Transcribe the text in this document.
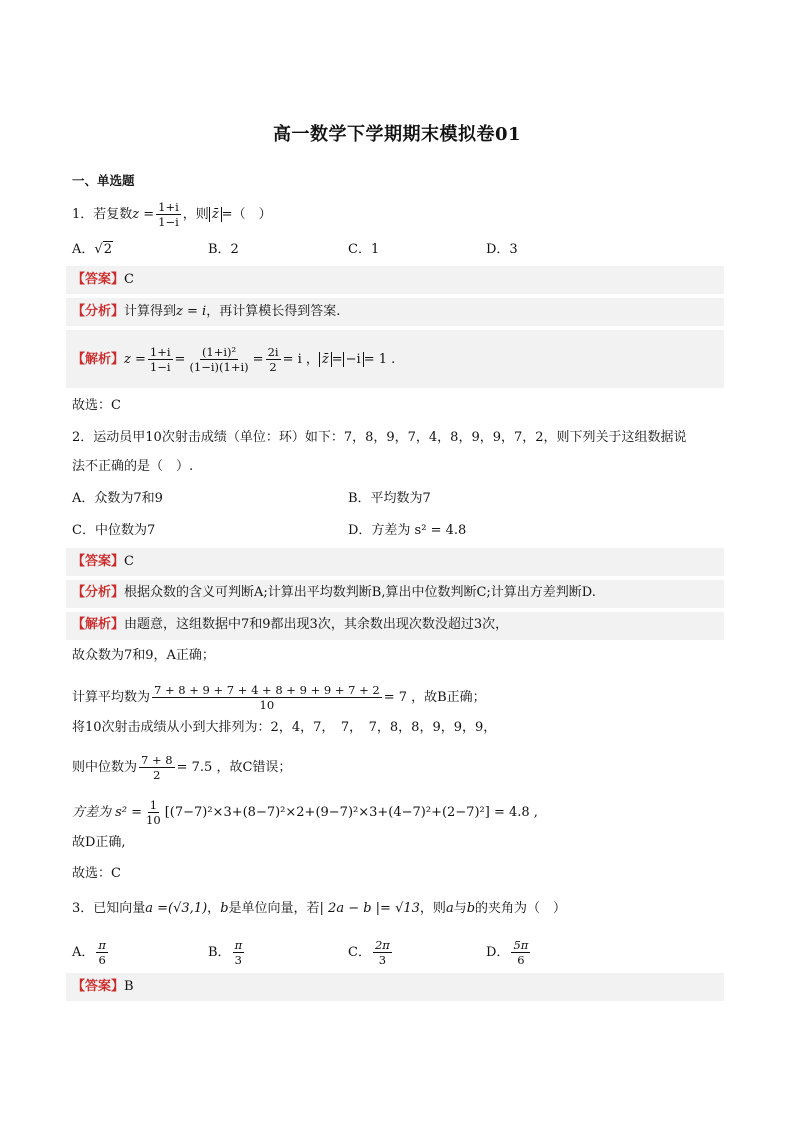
高一数学下学期期末模拟卷01
一、单选题
1．若复数$z = \frac{1+i}{1-i}$ ，则 z̄ =（　）
A．√2	B．2	C．1	D．3
【答案】C
【分析】计算得到z = i，再计算模长得到答案.
【解析】$z = \frac{1+i}{1-i} = \frac{\text{(1+i)²}}{(1-i)(1+i)} = \frac{2i}{2} = i$ ， z̄ = −i = 1 .
故选：C
2．运动员甲10次射击成绩（单位：环）如下：7，8，9，7，4，8，9，9，7，2，则下列关于这组数据说
法不正确的是（　）.
A．众数为7和9	B．平均数为7
C．中位数为7	D．方差为 s² = 4.8
【答案】C
【分析】根据众数的含义可判断A;计算出平均数判断B,算出中位数判断C;计算出方差判断D.
【解析】由题意，这组数据中7和9都出现3次，其余数出现次数没超过3次，
故众数为7和9，A正确；
计算平均数为 $\frac{7 + 8 + 9 + 7 + 4 + 8 + 9 + 9 + 7 + 2}{10} = 7$ ，故B正确；
将10次射击成绩从小到大排列为：2，4，7，　7，　7，8，8，9，9，9，
则中位数为 $\frac{7 + 8}{2} = 7.5$ ，故C错误；
方差为 $s^2 = \frac{1}{10} [(7-7)^2\times 3+(8-7)^2\times 2+(9-7)^2\times 3+(4-7)^2+(2-7)^2] = 4.8$ ,
故D正确,
故选：C
3．已知向量a =(√3,1)，b是单位向量，若| 2a − b |= √13，则a与b的夹角为（　）
A． $\frac{\pi}{6}$	B． $\frac{\pi}{3}$	C． $\frac{2\pi}{3}$	D． $\frac{5\pi}{6}$
【答案】B
